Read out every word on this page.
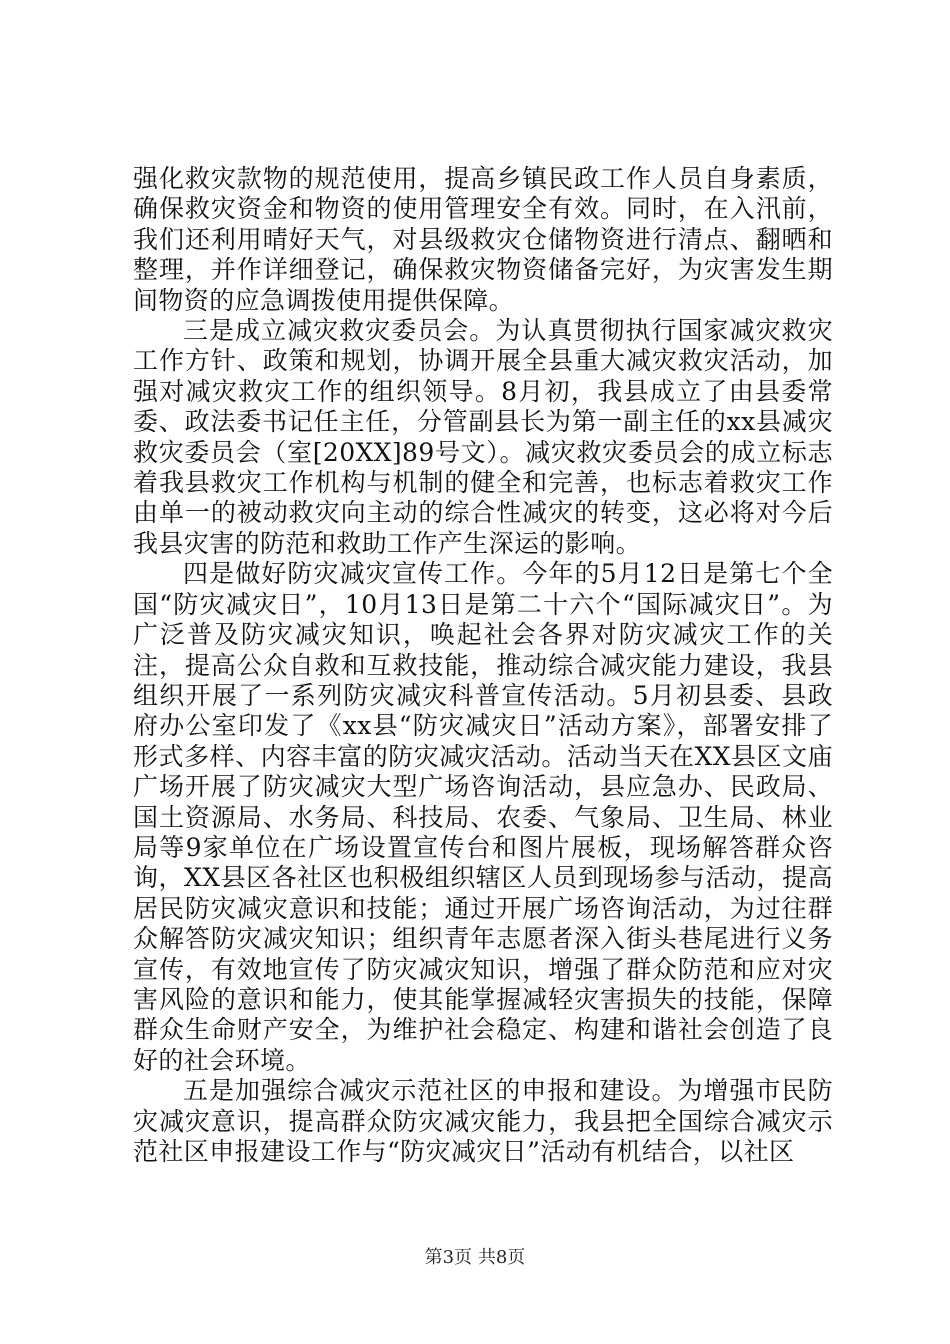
强化救灾款物的规范使用，提高乡镇民政工作人员自身素质，确保救灾资金和物资的使用管理安全有效。同时，在入汛前，我们还利用晴好天气，对县级救灾仓储物资进行清点、翻晒和整理，并作详细登记，确保救灾物资储备完好，为灾害发生期间物资的应急调拨使用提供保障。

三是成立减灾救灾委员会。为认真贯彻执行国家减灾救灾工作方针、政策和规划，协调开展全县重大减灾救灾活动，加强对减灾救灾工作的组织领导。8月初，我县成立了由县委常委、政法委书记任主任，分管副县长为第一副主任的xx县减灾救灾委员会（室[20XX]89号文）。减灾救灾委员会的成立标志着我县救灾工作机构与机制的健全和完善，也标志着救灾工作由单一的被动救灾向主动的综合性减灾的转变，这必将对今后我县灾害的防范和救助工作产生深运的影响。

四是做好防灾减灾宣传工作。今年的5月12日是第七个全国“防灾减灾日”，10月13日是第二十六个“国际减灾日”。为广泛普及防灾减灾知识，唤起社会各界对防灾减灾工作的关注，提高公众自救和互救技能，推动综合减灾能力建设，我县组织开展了一系列防灾减灾科普宣传活动。5月初县委、县政府办公室印发了《xx县“防灾减灾日”活动方案》，部署安排了形式多样、内容丰富的防灾减灾活动。活动当天在XX县区文庙广场开展了防灾减灾大型广场咨询活动，县应急办、民政局、国土资源局、水务局、科技局、农委、气象局、卫生局、林业局等9家单位在广场设置宣传台和图片展板，现场解答群众咨询，XX县区各社区也积极组织辖区人员到现场参与活动，提高居民防灾减灾意识和技能；通过开展广场咨询活动，为过往群众解答防灾减灾知识；组织青年志愿者深入街头巷尾进行义务宣传，有效地宣传了防灾减灾知识，增强了群众防范和应对灾害风险的意识和能力，使其能掌握减轻灾害损失的技能，保障群众生命财产安全，为维护社会稳定、构建和谐社会创造了良好的社会环境。

五是加强综合减灾示范社区的申报和建设。为增强市民防灾减灾意识，提高群众防灾减灾能力，我县把全国综合减灾示范社区申报建设工作与“防灾减灾日”活动有机结合，以社区

第3页 共8页
